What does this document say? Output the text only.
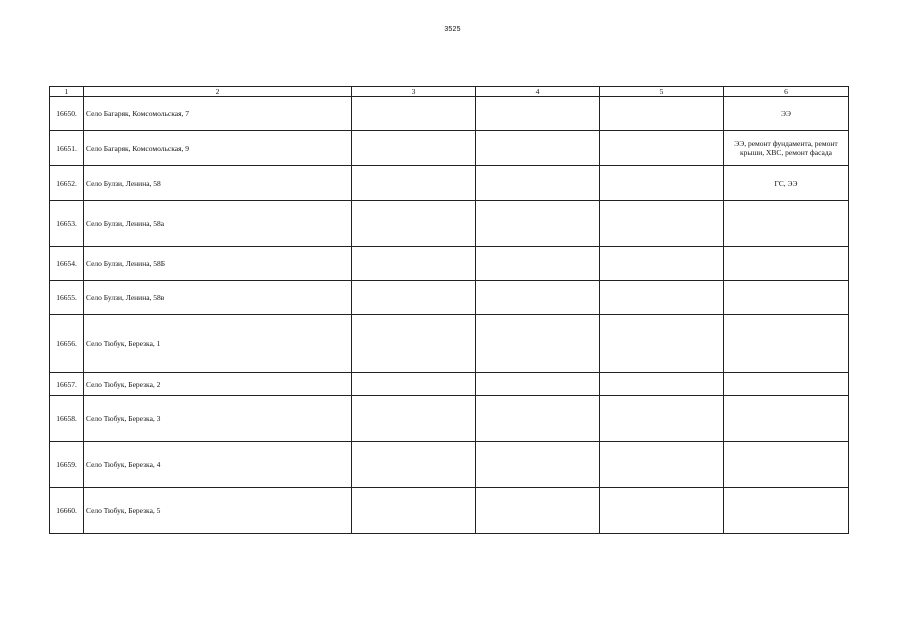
3525
1	2	3	4	5	6
16650.	Село Багаряк, Комсомольская, 7				ЭЭ
16651.	Село Багаряк, Комсомольская, 9				ЭЭ, ремонт фундамента, ремонт крыши, ХВС, ремонт фасада
16652.	Село Булзи, Ленина, 58				ГС, ЭЭ
16653.	Село Булзи, Ленина, 58а				
16654.	Село Булзи, Ленина, 58Б				
16655.	Село Булзи, Ленина, 58в				
16656.	Село Тюбук, Березка, 1				
16657.	Село Тюбук, Березка, 2				
16658.	Село Тюбук, Березка, 3				
16659.	Село Тюбук, Березка, 4				
16660.	Село Тюбук, Березка, 5				
